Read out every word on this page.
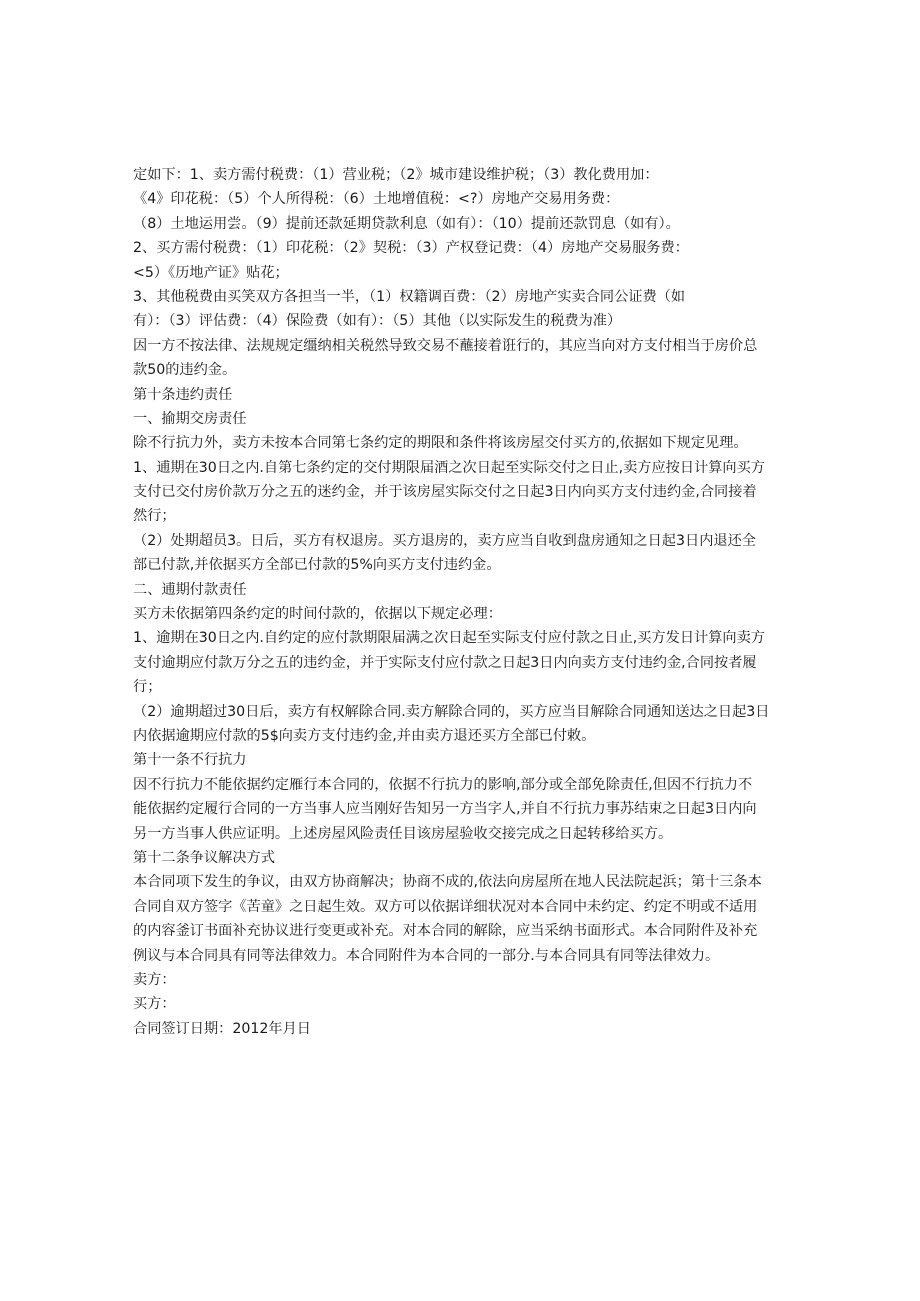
定如下：1、卖方需付税费：（1）营业税；（2》城市建设维护税；（3）教化费用加：
《4》印花税：（5）个人所得税：（6）土地增值税：<?）房地产交易用务费：
（8）土地运用尝。（9）提前还款延期贷款利息（如有）：（10）提前还款罚息（如有）。
2、买方需付税费：（1）印花税：（2》契税：（3）产权登记费：（4）房地产交易服务费：
<5）《历地产证》贴花；
3、其他税费由买笑双方各担当一半，（1）权籍调百费：（2）房地产实卖合同公证费（如
有）：（3）评估费：（4）保险费（如有）：（5）其他（以实际发生的税费为准）
因一方不按法律、法规规定缰纳相关税然导致交易不蘸接着诳行的，其应当向对方支付相当于房价总
款50的违约金。
第十条违约责任
一、揄期交房责任
除不行抗力外，卖方未按本合同第七条约定的期限和条件将该房屋交付买方的,依据如下规定见理。
1、逋期在30日之内.自第七条约定的交付期限届酒之次日起至实际交付之日止,卖方应按日计算向买方
支付已交付房价款万分之五的迷约金，并于该房屋实际交付之日起3日内向买方支付违约金,合同接着
然行；
（2）处期超员3。日后，买方有权退房。买方退房的，卖方应当自收到盘房通知之日起3日内退还全
部已付款,并依据买方全部已付款的5%向买方支付违约金。
二、逋期付款责任
买方未依据第四条约定的时间付款的，依据以下规定必理：
1、逾期在30日之内.自约定的应付款期限届满之次日起至实际支付应付款之日止,买方发日计算向卖方
支付逾期应付款万分之五的违约金，并于实际支付应付款之日起3日内向卖方支付违约金,合同按者履
行；
（2）逾期超过30日后，卖方有权解除合同.卖方解除合同的，买方应当目解除合同通知送达之日起3日
内依据逾期应付款的5$向卖方支付违约金,并由卖方退还买方全部已付敕。
第十一条不行抗力
因不行抗力不能依据约定雁行本合同的，依据不行抗力的影响,部分或全部免除责任,但因不行抗力不
能依据约定履行合同的一方当事人应当刚好告知另一方当字人,并自不行抗力事苏结束之日起3日内向
另一方当事人供应证明。上述房屋风险责任目该房屋验收交接完成之日起转移给买方。
第十二条争议解决方式
本合同项下发生的争议，由双方协商解决；协商不成的,依法向房屋所在地人民法院起浜；第十三条本
合同自双方签字《苦童》之日起生效。双方可以依据详细状况对本合同中未约定、约定不明或不适用
的内容釜订书面补充协议进行变更或补充。对本合同的解除，应当采纳书面形式。本合同附件及补充
例议与本合同具有同等法律效力。本合同附件为本合同的一部分.与本合同具有同等法律效力。
卖方：
买方：
合同签订日期：2012年月日
